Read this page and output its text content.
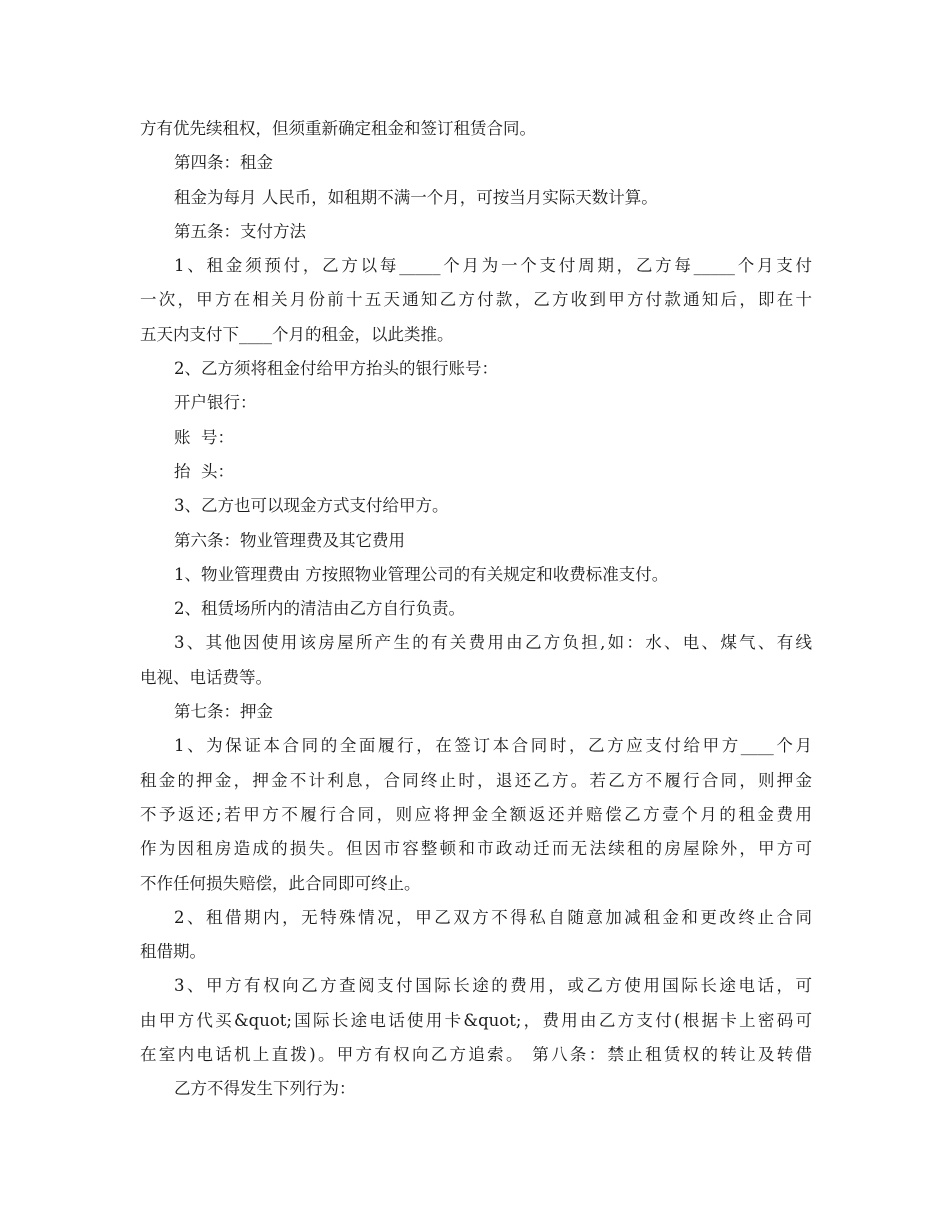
方有优先续租权，但须重新确定租金和签订租赁合同。
第四条：租金
租金为每月 人民币，如租期不满一个月，可按当月实际天数计算。
第五条：支付方法
1、租金须预付，乙方以每_____个月为一个支付周期，乙方每_____个月支付
一次，甲方在相关月份前十五天通知乙方付款，乙方收到甲方付款通知后，即在十
五天内支付下____个月的租金，以此类推。
2、乙方须将租金付给甲方抬头的银行账号：
开户银行：
账  号：
抬  头：
3、乙方也可以现金方式支付给甲方。
第六条：物业管理费及其它费用
1、物业管理费由 方按照物业管理公司的有关规定和收费标准支付。
2、租赁场所内的清洁由乙方自行负责。
3、其他因使用该房屋所产生的有关费用由乙方负担,如：水、电、煤气、有线
电视、电话费等。
第七条：押金
1、为保证本合同的全面履行，在签订本合同时，乙方应支付给甲方____个月
租金的押金，押金不计利息，合同终止时，退还乙方。若乙方不履行合同，则押金
不予返还;若甲方不履行合同，则应将押金全额返还并赔偿乙方壹个月的租金费用
作为因租房造成的损失。但因市容整顿和市政动迁而无法续租的房屋除外，甲方可
不作任何损失赔偿，此合同即可终止。
2、租借期内，无特殊情况，甲乙双方不得私自随意加减租金和更改终止合同
租借期。
3、甲方有权向乙方查阅支付国际长途的费用，或乙方使用国际长途电话，可
由甲方代买&quot;国际长途电话使用卡&quot;，费用由乙方支付(根据卡上密码可
在室内电话机上直拨)。甲方有权向乙方追索。 第八条：禁止租赁权的转让及转借
乙方不得发生下列行为：
